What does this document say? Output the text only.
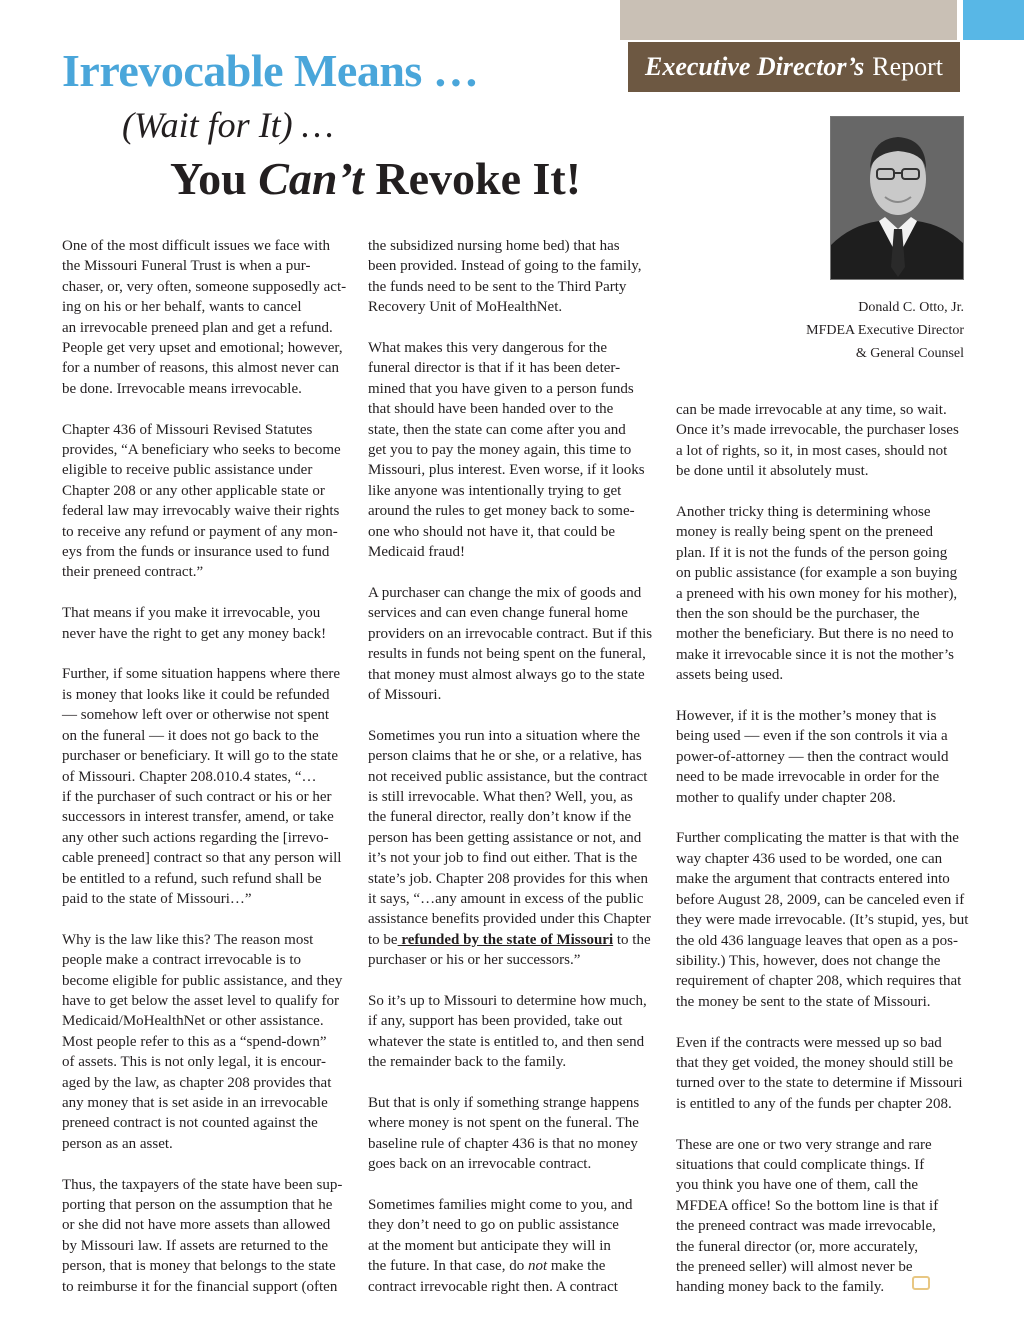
Executive Director’s Report
Irrevocable Means …
(Wait for It) …
You Can’t Revoke It!
Donald C. Otto, Jr.
MFDEA Executive Director
& General Counsel

One of the most difficult issues we face with
the Missouri Funeral Trust is when a pur-
chaser, or, very often, someone supposedly act-
ing on his or her behalf, wants to cancel
an irrevocable preneed plan and get a refund.
People get very upset and emotional; however,
for a number of reasons, this almost never can
be done. Irrevocable means irrevocable.

Chapter 436 of Missouri Revised Statutes
provides, “A beneficiary who seeks to become
eligible to receive public assistance under
Chapter 208 or any other applicable state or
federal law may irrevocably waive their rights
to receive any refund or payment of any mon-
eys from the funds or insurance used to fund
their preneed contract.”

That means if you make it irrevocable, you
never have the right to get any money back!

Further, if some situation happens where there
is money that looks like it could be refunded
— somehow left over or otherwise not spent
on the funeral — it does not go back to the
purchaser or beneficiary. It will go to the state
of Missouri. Chapter 208.010.4 states, “…
if the purchaser of such contract or his or her
successors in interest transfer, amend, or take
any other such actions regarding the [irrevo-
cable preneed] contract so that any person will
be entitled to a refund, such refund shall be
paid to the state of Missouri…”

Why is the law like this? The reason most
people make a contract irrevocable is to
become eligible for public assistance, and they
have to get below the asset level to qualify for
Medicaid/MoHealthNet or other assistance.
Most people refer to this as a “spend-down”
of assets. This is not only legal, it is encour-
aged by the law, as chapter 208 provides that
any money that is set aside in an irrevocable
preneed contract is not counted against the
person as an asset.

Thus, the taxpayers of the state have been sup-
porting that person on the assumption that he
or she did not have more assets than allowed
by Missouri law. If assets are returned to the
person, that is money that belongs to the state
to reimburse it for the financial support (often

the subsidized nursing home bed) that has
been provided. Instead of going to the family,
the funds need to be sent to the Third Party
Recovery Unit of MoHealthNet.

What makes this very dangerous for the
funeral director is that if it has been deter-
mined that you have given to a person funds
that should have been handed over to the
state, then the state can come after you and
get you to pay the money again, this time to
Missouri, plus interest. Even worse, if it looks
like anyone was intentionally trying to get
around the rules to get money back to some-
one who should not have it, that could be
Medicaid fraud!

A purchaser can change the mix of goods and
services and can even change funeral home
providers on an irrevocable contract. But if this
results in funds not being spent on the funeral,
that money must almost always go to the state
of Missouri.

Sometimes you run into a situation where the
person claims that he or she, or a relative, has
not received public assistance, but the contract
is still irrevocable. What then? Well, you, as
the funeral director, really don’t know if the
person has been getting assistance or not, and
it’s not your job to find out either. That is the
state’s job. Chapter 208 provides for this when
it says, “…any amount in excess of the public
assistance benefits provided under this Chapter
to be refunded by the state of Missouri to the
purchaser or his or her successors.”

So it’s up to Missouri to determine how much,
if any, support has been provided, take out
whatever the state is entitled to, and then send
the remainder back to the family.

But that is only if something strange happens
where money is not spent on the funeral. The
baseline rule of chapter 436 is that no money
goes back on an irrevocable contract.

Sometimes families might come to you, and
they don’t need to go on public assistance
at the moment but anticipate they will in
the future. In that case, do not make the
contract irrevocable right then. A contract

can be made irrevocable at any time, so wait.
Once it’s made irrevocable, the purchaser loses
a lot of rights, so it, in most cases, should not
be done until it absolutely must.

Another tricky thing is determining whose
money is really being spent on the preneed
plan. If it is not the funds of the person going
on public assistance (for example a son buying
a preneed with his own money for his mother),
then the son should be the purchaser, the
mother the beneficiary. But there is no need to
make it irrevocable since it is not the mother’s
assets being used.

However, if it is the mother’s money that is
being used — even if the son controls it via a
power-of-attorney — then the contract would
need to be made irrevocable in order for the
mother to qualify under chapter 208.

Further complicating the matter is that with the
way chapter 436 used to be worded, one can
make the argument that contracts entered into
before August 28, 2009, can be canceled even if
they were made irrevocable. (It’s stupid, yes, but
the old 436 language leaves that open as a pos-
sibility.) This, however, does not change the
requirement of chapter 208, which requires that
the money be sent to the state of Missouri.

Even if the contracts were messed up so bad
that they get voided, the money should still be
turned over to the state to determine if Missouri
is entitled to any of the funds per chapter 208.

These are one or two very strange and rare
situations that could complicate things. If
you think you have one of them, call the
MFDEA office! So the bottom line is that if
the preneed contract was made irrevocable,
the funeral director (or, more accurately,
the preneed seller) will almost never be
handing money back to the family.
